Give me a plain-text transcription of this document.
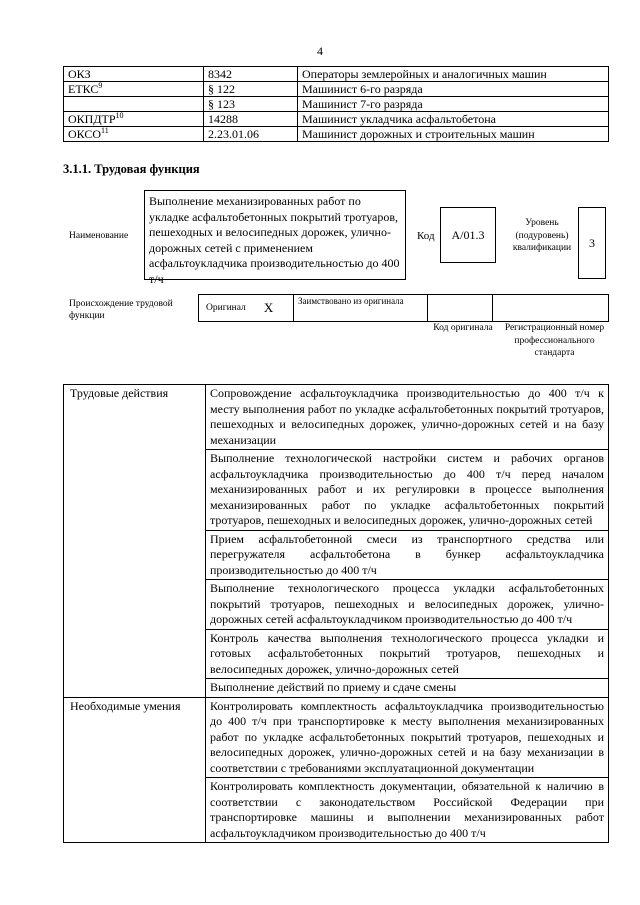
4
ОКЗ	8342	Операторы землеройных и аналогичных машин
ЕТКС$^9$	§ 122	Машинист 6-го разряда
	§ 123	Машинист 7-го разряда
ОКПДТР$^{10}$	14288	Машинист укладчика асфальтобетона
ОКСО$^{11}$	2.23.01.06	Машинист дорожных и строительных машин
3.1.1. Трудовая функция
Наименование
Выполнение механизированных работ по укладке асфальтобетонных покрытий тротуаров, пешеходных и велосипедных дорожек, улично-дорожных сетей с применением асфальтоукладчика производительностью до 400 т/ч
Код А/01.3
Уровень (подуровень) квалификации	3
Происхождение трудовой функции
Оригинал X	Заимствовано из оригинала
Код оригинала	Регистрационный номер профессионального стандарта
Трудовые действия	Сопровождение асфальтоукладчика производительностью до 400 т/ч к месту выполнения работ по укладке асфальтобетонных покрытий тротуаров, пешеходных и велосипедных дорожек, улично-дорожных сетей и на базу механизации
	Выполнение технологической настройки систем и рабочих органов асфальтоукладчика производительностью до 400 т/ч перед началом механизированных работ и их регулировки в процессе выполнения механизированных работ по укладке асфальтобетонных покрытий тротуаров, пешеходных и велосипедных дорожек, улично-дорожных сетей
	Прием асфальтобетонной смеси из транспортного средства или перегружателя асфальтобетона в бункер асфальтоукладчика производительностью до 400 т/ч
	Выполнение технологического процесса укладки асфальтобетонных покрытий тротуаров, пешеходных и велосипедных дорожек, улично-дорожных сетей асфальтоукладчиком производительностью до 400 т/ч
	Контроль качества выполнения технологического процесса укладки и готовых асфальтобетонных покрытий тротуаров, пешеходных и велосипедных дорожек, улично-дорожных сетей
	Выполнение действий по приему и сдаче смены
Необходимые умения	Контролировать комплектность асфальтоукладчика производительностью до 400 т/ч при транспортировке к месту выполнения механизированных работ по укладке асфальтобетонных покрытий тротуаров, пешеходных и велосипедных дорожек, улично-дорожных сетей и на базу механизации в соответствии с требованиями эксплуатационной документации
	Контролировать комплектность документации, обязательной к наличию в соответствии с законодательством Российской Федерации при транспортировке машины и выполнении механизированных работ асфальтоукладчиком производительностью до 400 т/ч
